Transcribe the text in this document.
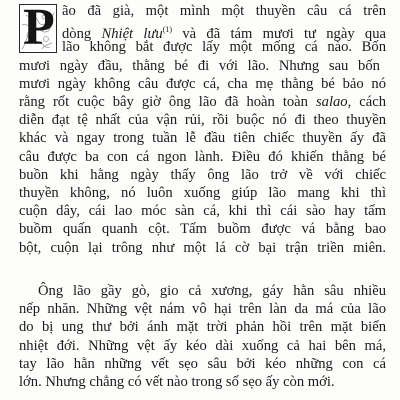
P ão đã già, một mình một thuyền câu cá trên
dòng Nhiệt lưu$^{(1)}$ và đã tám mươi tư ngày qua
lão không bắt được lấy một mống cá nào. Bốn
mươi ngày đầu, thằng bé đi với lão. Nhưng sau bốn
mươi ngày không câu được cá, cha mẹ thằng bé bảo nó
rằng rốt cuộc bây giờ ông lão đã hoàn toàn salao, cách
diễn đạt tệ nhất của vận rủi, rồi buộc nó đi theo thuyền
khác và ngay trong tuần lễ đầu tiên chiếc thuyền ấy đã
câu được ba con cá ngon lành. Điều đó khiến thằng bé
buồn khi hằng ngày thấy ông lão trở về với chiếc
thuyền không, nó luôn xuống giúp lão mang khi thì
cuộn dây, cái lao móc sàn cá, khi thì cái sào hay tấm
buồm quấn quanh cột. Tấm buồm được vá bằng bao
bột, cuộn lại trông như một lá cờ bại trận triền miên.
Ông lão gầy gò, gio cả xương, gáy hằn sâu nhiều
nếp nhăn. Những vệt nám vô hại trên làn da má của lão
do bị ung thư bởi ánh mặt trời phản hồi trên mặt biển
nhiệt đới. Những vệt ấy kéo dài xuống cả hai bên má,
tay lão hằn những vết sẹo sâu bởi kéo những con cá
lớn. Nhưng chẳng có vết nào trong số sẹo ấy còn mới.
